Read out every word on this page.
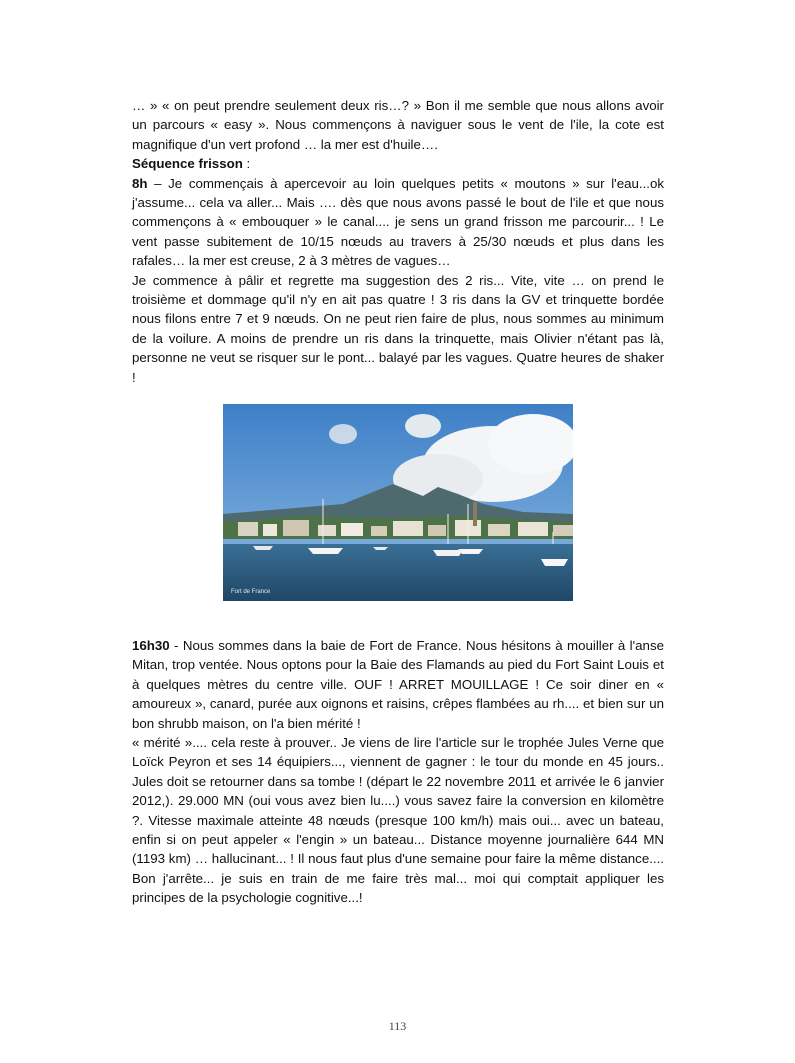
… » « on peut prendre seulement deux ris…? » Bon il me semble que nous allons avoir un parcours « easy ». Nous commençons à naviguer sous le vent de l'ile, la cote est magnifique d'un vert profond … la mer est d'huile….

Séquence frisson :

8h – Je commençais à apercevoir au loin quelques petits « moutons » sur l'eau...ok j'assume... cela va aller... Mais …. dès que nous avons passé le bout de l'ile et que nous commençons à « embouquer » le canal.... je sens un grand frisson me parcourir... ! Le vent passe subitement de 10/15 nœuds au travers à 25/30 nœuds et plus dans les rafales… la mer est creuse, 2 à 3 mètres de vagues…

Je commence à pâlir et regrette ma suggestion des 2 ris... Vite, vite … on prend le troisième et dommage qu'il n'y en ait pas quatre ! 3 ris dans la GV et trinquette bordée nous filons entre 7 et 9 nœuds. On ne peut rien faire de plus, nous sommes au minimum de la voilure. A moins de prendre un ris dans la trinquette, mais Olivier n'étant pas là, personne ne veut se risquer sur le pont... balayé par les vagues. Quatre heures de shaker !

Fort de France

16h30 - Nous sommes dans la baie de Fort de France. Nous hésitons à mouiller à l'anse Mitan, trop ventée. Nous optons pour la Baie des Flamands au pied du Fort Saint Louis et à quelques mètres du centre ville. OUF ! ARRET MOUILLAGE ! Ce soir diner en « amoureux », canard, purée aux oignons et raisins, crêpes flambées au rh.... et bien sur un bon shrubb maison, on l'a bien mérité !

« mérité ».... cela reste à prouver.. Je viens de lire l'article sur le trophée Jules Verne que Loïck Peyron et ses 14 équipiers..., viennent de gagner : le tour du monde en 45 jours.. Jules doit se retourner dans sa tombe ! (départ le 22 novembre 2011 et arrivée le 6 janvier 2012,). 29.000 MN (oui vous avez bien lu....) vous savez faire la conversion en kilomètre ?. Vitesse maximale atteinte 48 nœuds (presque 100 km/h) mais oui... avec un bateau, enfin si on peut appeler « l'engin » un bateau... Distance moyenne journalière 644 MN (1193 km) … hallucinant... ! Il nous faut plus d'une semaine pour faire la même distance.... Bon j'arrête... je suis en train de me faire très mal... moi qui comptait appliquer les principes de la psychologie cognitive...!

113
